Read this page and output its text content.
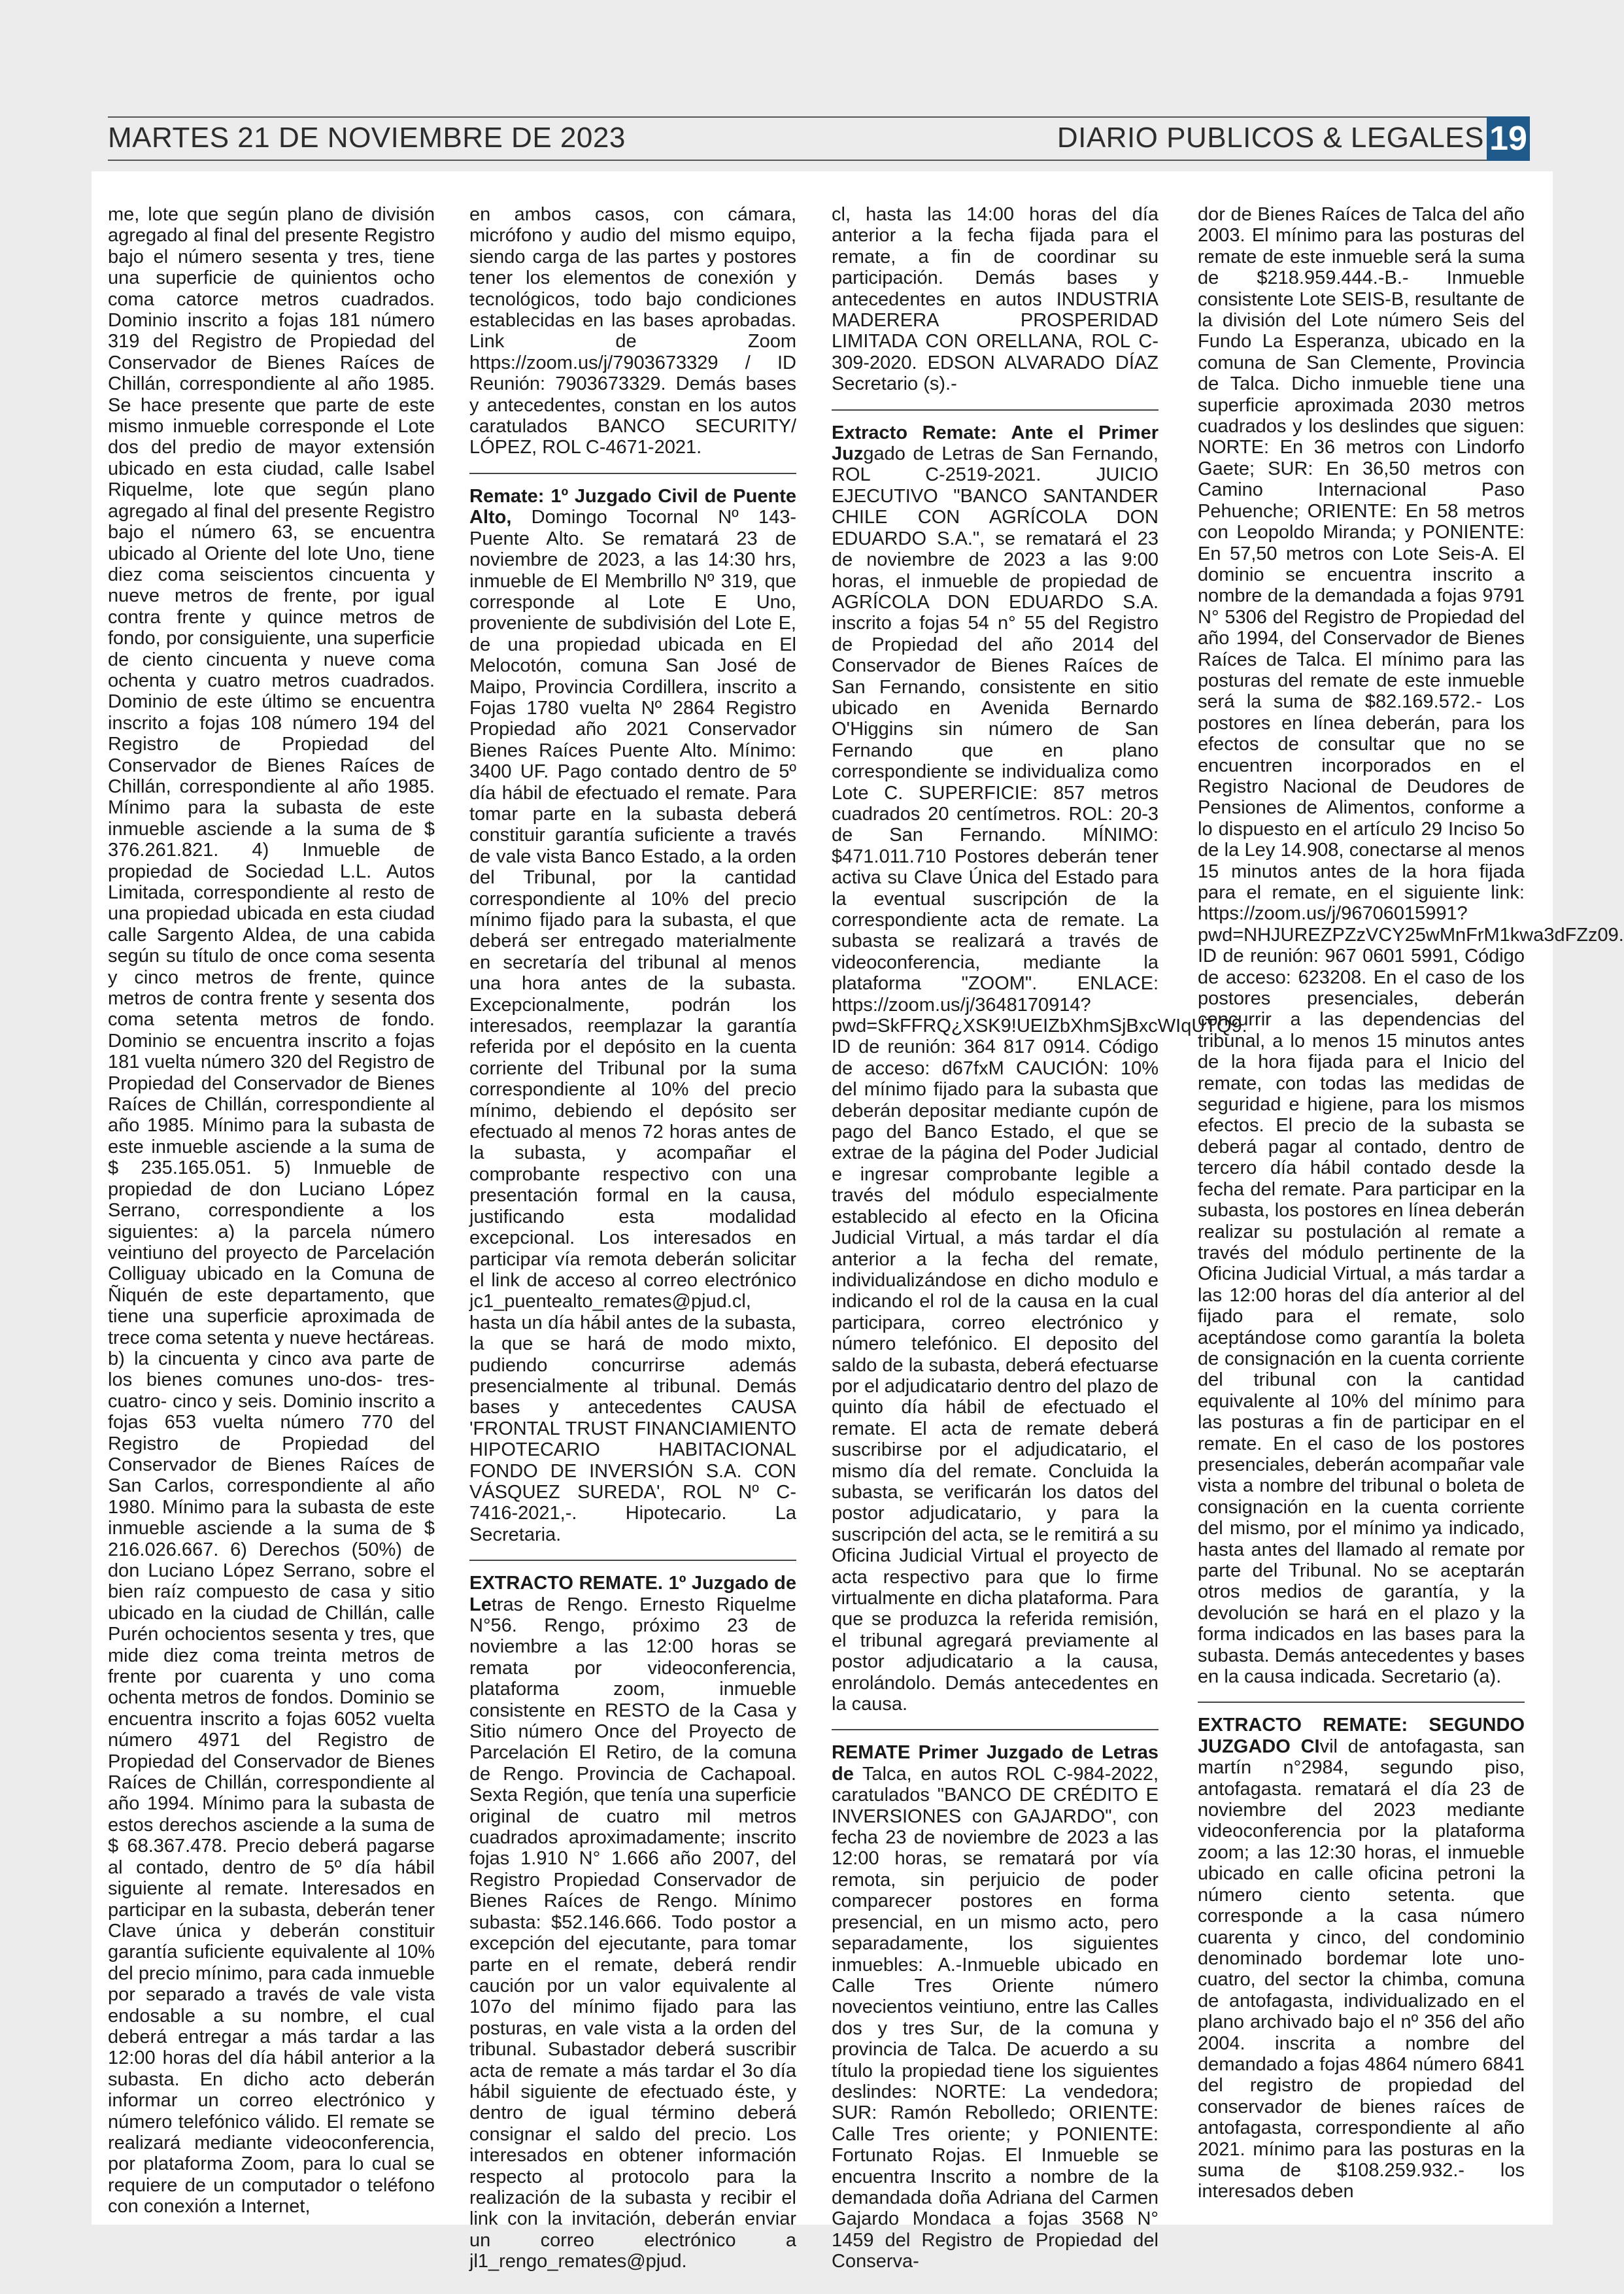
MARTES 21 DE NOVIEMBRE DE 2023	DIARIO PUBLICOS & LEGALES 19

me, lote que según plano de división agregado al final del presente Registro bajo el número sesenta y tres, tiene una superficie de quinientos ocho coma catorce metros cuadrados. Dominio inscrito a fojas 181 número 319 del Registro de Propiedad del Conservador de Bienes Raíces de Chillán, correspondiente al año 1985. Se hace presente que parte de este mismo inmueble corresponde el Lote dos del predio de mayor extensión ubicado en esta ciudad, calle Isabel Riquelme, lote que según plano agregado al final del presente Registro bajo el número 63, se encuentra ubicado al Oriente del lote Uno, tiene diez coma seiscientos cincuenta y nueve metros de frente, por igual contra frente y quince metros de fondo, por consiguiente, una superficie de ciento cincuenta y nueve coma ochenta y cuatro metros cuadrados. Dominio de este último se encuentra inscrito a fojas 108 número 194 del Registro de Propiedad del Conservador de Bienes Raíces de Chillán, correspondiente al año 1985. Mínimo para la subasta de este inmueble asciende a la suma de $ 376.261.821. 4) Inmueble de propiedad de Sociedad L.L. Autos Limitada, correspondiente al resto de una propiedad ubicada en esta ciudad calle Sargento Aldea, de una cabida según su título de once coma sesenta y cinco metros de frente, quince metros de contra frente y sesenta dos coma setenta metros de fondo. Dominio se encuentra inscrito a fojas 181 vuelta número 320 del Registro de Propiedad del Conservador de Bienes Raíces de Chillán, correspondiente al año 1985. Mínimo para la subasta de este inmueble asciende a la suma de $ 235.165.051. 5) Inmueble de propiedad de don Luciano López Serrano, correspondiente a los siguientes: a) la parcela número veintiuno del proyecto de Parcelación Colliguay ubicado en la Comuna de Ñiquén de este departamento, que tiene una superficie aproximada de trece coma setenta y nueve hectáreas. b) la cincuenta y cinco ava parte de los bienes comunes uno-dos- tres- cuatro- cinco y seis. Dominio inscrito a fojas 653 vuelta número 770 del Registro de Propiedad del Conservador de Bienes Raíces de San Carlos, correspondiente al año 1980. Mínimo para la subasta de este inmueble asciende a la suma de $ 216.026.667. 6) Derechos (50%) de don Luciano López Serrano, sobre el bien raíz compuesto de casa y sitio ubicado en la ciudad de Chillán, calle Purén ochocientos sesenta y tres, que mide diez coma treinta metros de frente por cuarenta y uno coma ochenta metros de fondos. Dominio se encuentra inscrito a fojas 6052 vuelta número 4971 del Registro de Propiedad del Conservador de Bienes Raíces de Chillán, correspondiente al año 1994. Mínimo para la subasta de estos derechos asciende a la suma de $ 68.367.478. Precio deberá pagarse al contado, dentro de 5º día hábil siguiente al remate. Interesados en participar en la subasta, deberán tener Clave única y deberán constituir garantía suficiente equivalente al 10% del precio mínimo, para cada inmueble por separado a través de vale vista endosable a su nombre, el cual deberá entregar a más tardar a las 12:00 horas del día hábil anterior a la subasta. En dicho acto deberán informar un correo electrónico y número telefónico válido. El remate se realizará mediante videoconferencia, por plataforma Zoom, para lo cual se requiere de un computador o teléfono con conexión a Internet,

en ambos casos, con cámara, micrófono y audio del mismo equipo, siendo carga de las partes y postores tener los elementos de conexión y tecnológicos, todo bajo condiciones establecidas en las bases aprobadas. Link de Zoom https://zoom.us/j/7903673329 / ID Reunión: 7903673329. Demás bases y antecedentes, constan en los autos caratulados BANCO SECURITY/ LÓPEZ, ROL C-4671-2021.

Remate: 1º Juzgado Civil de Puente Alto, Domingo Tocornal Nº 143- Puente Alto. Se rematará 23 de noviembre de 2023, a las 14:30 hrs, inmueble de El Membrillo Nº 319, que corresponde al Lote E Uno, proveniente de subdivisión del Lote E, de una propiedad ubicada en El Melocotón, comuna San José de Maipo, Provincia Cordillera, inscrito a Fojas 1780 vuelta Nº 2864 Registro Propiedad año 2021 Conservador Bienes Raíces Puente Alto. Mínimo: 3400 UF. Pago contado dentro de 5º día hábil de efectuado el remate. Para tomar parte en la subasta deberá constituir garantía suficiente a través de vale vista Banco Estado, a la orden del Tribunal, por la cantidad correspondiente al 10% del precio mínimo fijado para la subasta, el que deberá ser entregado materialmente en secretaría del tribunal al menos una hora antes de la subasta. Excepcionalmente, podrán los interesados, reemplazar la garantía referida por el depósito en la cuenta corriente del Tribunal por la suma correspondiente al 10% del precio mínimo, debiendo el depósito ser efectuado al menos 72 horas antes de la subasta, y acompañar el comprobante respectivo con una presentación formal en la causa, justificando esta modalidad excepcional. Los interesados en participar vía remota deberán solicitar el link de acceso al correo electrónico jc1_puentealto_remates@pjud.cl, hasta un día hábil antes de la subasta, la que se hará de modo mixto, pudiendo concurrirse además presencialmente al tribunal. Demás bases y antecedentes CAUSA 'FRONTAL TRUST FINANCIAMIENTO HIPOTECARIO HABITACIONAL FONDO DE INVERSIÓN S.A. CON VÁSQUEZ SUREDA', ROL Nº C-7416-2021,-. Hipotecario. La Secretaria.

EXTRACTO REMATE. 1º Juzgado de Letras de Rengo. Ernesto Riquelme N°56. Rengo, próximo 23 de noviembre a las 12:00 horas se remata por videoconferencia, plataforma zoom, inmueble consistente en RESTO de la Casa y Sitio número Once del Proyecto de Parcelación El Retiro, de la comuna de Rengo. Provincia de Cachapoal. Sexta Región, que tenía una superficie original de cuatro mil metros cuadrados aproximadamente; inscrito fojas 1.910 N° 1.666 año 2007, del Registro Propiedad Conservador de Bienes Raíces de Rengo. Mínimo subasta: $52.146.666. Todo postor a excepción del ejecutante, para tomar parte en el remate, deberá rendir caución por un valor equivalente al 107o del mínimo fijado para las posturas, en vale vista a la orden del tribunal. Subastador deberá suscribir acta de remate a más tardar el 3o día hábil siguiente de efectuado éste, y dentro de igual término deberá consignar el saldo del precio. Los interesados en obtener información respecto al protocolo para la realización de la subasta y recibir el link con la invitación, deberán enviar un correo electrónico a jl1_rengo_remates@pjud.

cl, hasta las 14:00 horas del día anterior a la fecha fijada para el remate, a fin de coordinar su participación. Demás bases y antecedentes en autos INDUSTRIA MADERERA PROSPERIDAD LIMITADA CON ORELLANA, ROL C-309-2020. EDSON ALVARADO DÍAZ Secretario (s).-

Extracto Remate: Ante el Primer Juzgado de Letras de San Fernando, ROL C-2519-2021. JUICIO EJECUTIVO "BANCO SANTANDER CHILE CON AGRÍCOLA DON EDUARDO S.A.", se rematará el 23 de noviembre de 2023 a las 9:00 horas, el inmueble de propiedad de AGRÍCOLA DON EDUARDO S.A. inscrito a fojas 54 n° 55 del Registro de Propiedad del año 2014 del Conservador de Bienes Raíces de San Fernando, consistente en sitio ubicado en Avenida Bernardo O'Higgins sin número de San Fernando que en plano correspondiente se individualiza como Lote C. SUPERFICIE: 857 metros cuadrados 20 centímetros. ROL: 20-3 de San Fernando. MÍNIMO: $471.011.710 Postores deberán tener activa su Clave Única del Estado para la eventual suscripción de la correspondiente acta de remate. La subasta se realizará a través de videoconferencia, mediante la plataforma "ZOOM". ENLACE: https://zoom.us/j/3648170914?pwd=SkFFRQ¿XSK9!UEIZbXhmSjBxcWIqUTQ9. ID de reunión: 364 817 0914. Código de acceso: d67fxM CAUCIÓN: 10% del mínimo fijado para la subasta que deberán depositar mediante cupón de pago del Banco Estado, el que se extrae de la página del Poder Judicial e ingresar comprobante legible a través del módulo especialmente establecido al efecto en la Oficina Judicial Virtual, a más tardar el día anterior a la fecha del remate, individualizándose en dicho modulo e indicando el rol de la causa en la cual participara, correo electrónico y número telefónico. El deposito del saldo de la subasta, deberá efectuarse por el adjudicatario dentro del plazo de quinto día hábil de efectuado el remate. El acta de remate deberá suscribirse por el adjudicatario, el mismo día del remate. Concluida la subasta, se verificarán los datos del postor adjudicatario, y para la suscripción del acta, se le remitirá a su Oficina Judicial Virtual el proyecto de acta respectivo para que lo firme virtualmente en dicha plataforma. Para que se produzca la referida remisión, el tribunal agregará previamente al postor adjudicatario a la causa, enrolándolo. Demás antecedentes en la causa.

REMATE Primer Juzgado de Letras de Talca, en autos ROL C-984-2022, caratulados "BANCO DE CRÉDITO E INVERSIONES con GAJARDO", con fecha 23 de noviembre de 2023 a las 12:00 horas, se rematará por vía remota, sin perjuicio de poder comparecer postores en forma presencial, en un mismo acto, pero separadamente, los siguientes inmuebles: A.-Inmueble ubicado en Calle Tres Oriente número novecientos veintiuno, entre las Calles dos y tres Sur, de la comuna y provincia de Talca. De acuerdo a su título la propiedad tiene los siguientes deslindes: NORTE: La vendedora; SUR: Ramón Rebolledo; ORIENTE: Calle Tres oriente; y PONIENTE: Fortunato Rojas. El Inmueble se encuentra Inscrito a nombre de la demandada doña Adriana del Carmen Gajardo Mondaca a fojas 3568 N° 1459 del Registro de Propiedad del Conserva-

dor de Bienes Raíces de Talca del año 2003. El mínimo para las posturas del remate de este inmueble será la suma de $218.959.444.-B.- Inmueble consistente Lote SEIS-B, resultante de la división del Lote número Seis del Fundo La Esperanza, ubicado en la comuna de San Clemente, Provincia de Talca. Dicho inmueble tiene una superficie aproximada 2030 metros cuadrados y los deslindes que siguen: NORTE: En 36 metros con Lindorfo Gaete; SUR: En 36,50 metros con Camino Internacional Paso Pehuenche; ORIENTE: En 58 metros con Leopoldo Miranda; y PONIENTE: En 57,50 metros con Lote Seis-A. El dominio se encuentra inscrito a nombre de la demandada a fojas 9791 N° 5306 del Registro de Propiedad del año 1994, del Conservador de Bienes Raíces de Talca. El mínimo para las posturas del remate de este inmueble será la suma de $82.169.572.- Los postores en línea deberán, para los efectos de consultar que no se encuentren incorporados en el Registro Nacional de Deudores de Pensiones de Alimentos, conforme a lo dispuesto en el artículo 29 Inciso 5o de la Ley 14.908, conectarse al menos 15 minutos antes de la hora fijada para el remate, en el siguiente link: https://zoom.us/j/96706015991?pwd=NHJUREZPZzVCY25wMnFrM1kwa3dFZz09. ID de reunión: 967 0601 5991, Código de acceso: 623208. En el caso de los postores presenciales, deberán concurrir a las dependencias del tribunal, a lo menos 15 minutos antes de la hora fijada para el Inicio del remate, con todas las medidas de seguridad e higiene, para los mismos efectos. El precio de la subasta se deberá pagar al contado, dentro de tercero día hábil contado desde la fecha del remate. Para participar en la subasta, los postores en línea deberán realizar su postulación al remate a través del módulo pertinente de la Oficina Judicial Virtual, a más tardar a las 12:00 horas del día anterior al del fijado para el remate, solo aceptándose como garantía la boleta de consignación en la cuenta corriente del tribunal con la cantidad equivalente al 10% del mínimo para las posturas a fin de participar en el remate. En el caso de los postores presenciales, deberán acompañar vale vista a nombre del tribunal o boleta de consignación en la cuenta corriente del mismo, por el mínimo ya indicado, hasta antes del llamado al remate por parte del Tribunal. No se aceptarán otros medios de garantía, y la devolución se hará en el plazo y la forma indicados en las bases para la subasta. Demás antecedentes y bases en la causa indicada. Secretario (a).

EXTRACTO REMATE: SEGUNDO JUZGADO CIvil de antofagasta, san martín n°2984, segundo piso, antofagasta. rematará el día 23 de noviembre del 2023 mediante videoconferencia por la plataforma zoom; a las 12:30 horas, el inmueble ubicado en calle oficina petroni la número ciento setenta. que corresponde a la casa número cuarenta y cinco, del condominio denominado bordemar lote uno-cuatro, del sector la chimba, comuna de antofagasta, individualizado en el plano archivado bajo el nº 356 del año 2004. inscrita a nombre del demandado a fojas 4864 número 6841 del registro de propiedad del conservador de bienes raíces de antofagasta, correspondiente al año 2021. mínimo para las posturas en la suma de $108.259.932.- los interesados deben
